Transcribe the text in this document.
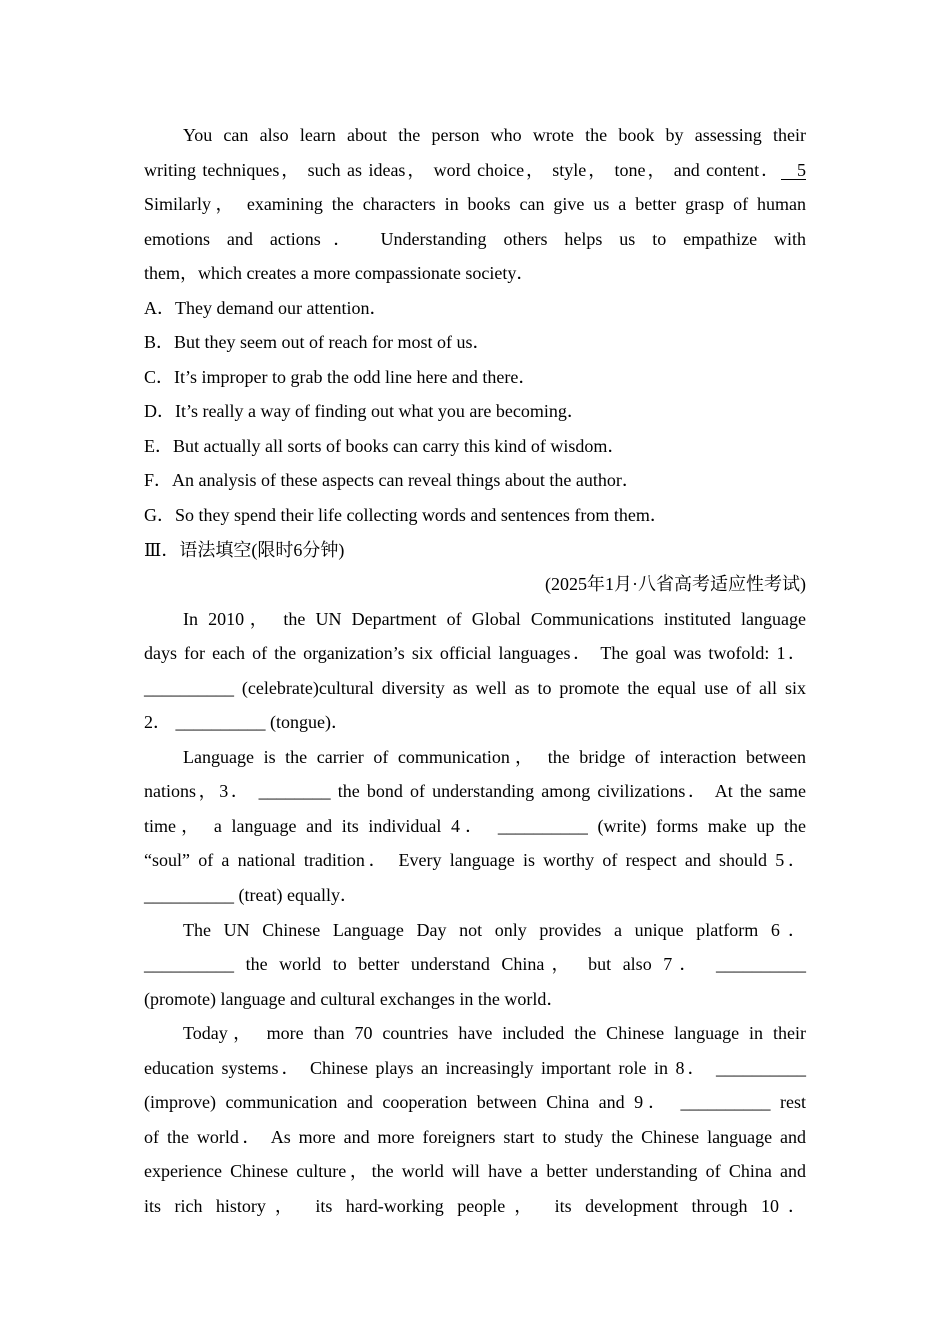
You can also learn about the person who wrote the book by assessing their
writing techniques， such as ideas， word choice， style， tone， and content． 5
Similarly， examining the characters in books can give us a better grasp of human
emotions and actions． Understanding others helps us to empathize with
them，which creates a more compassionate society．
A．They demand our attention．
B．But they seem out of reach for most of us．
C．It’s improper to grab the odd line here and there．
D．It’s really a way of finding out what you are becoming．
E．But actually all sorts of books can carry this kind of wisdom．
F．An analysis of these aspects can reveal things about the author．
G．So they spend their life collecting words and sentences from them．
Ⅲ．语法填空(限时6分钟)
(2025年1月·八省高考适应性考试)
In 2010， the UN Department of Global Communications instituted language
days for each of the organization’s six official languages． The goal was twofold: 1．
__________ (celebrate)cultural diversity as well as to promote the equal use of all six
2． __________ (tongue)．
Language is the carrier of communication， the bridge of interaction between
nations，3． ________ the bond of understanding among civilizations． At the same
time， a language and its individual 4． __________ (write) forms make up the
“soul” of a national tradition． Every language is worthy of respect and should 5．
__________ (treat) equally．
The UN Chinese Language Day not only provides a unique platform 6．
__________ the world to better understand China， but also 7． __________
(promote) language and cultural exchanges in the world．
Today， more than 70 countries have included the Chinese language in their
education systems． Chinese plays an increasingly important role in 8． __________
(improve) communication and cooperation between China and 9． __________ rest
of the world． As more and more foreigners start to study the Chinese language and
experience Chinese culture，the world will have a better understanding of China and
its rich history， its hard-working people， its development through 10．
